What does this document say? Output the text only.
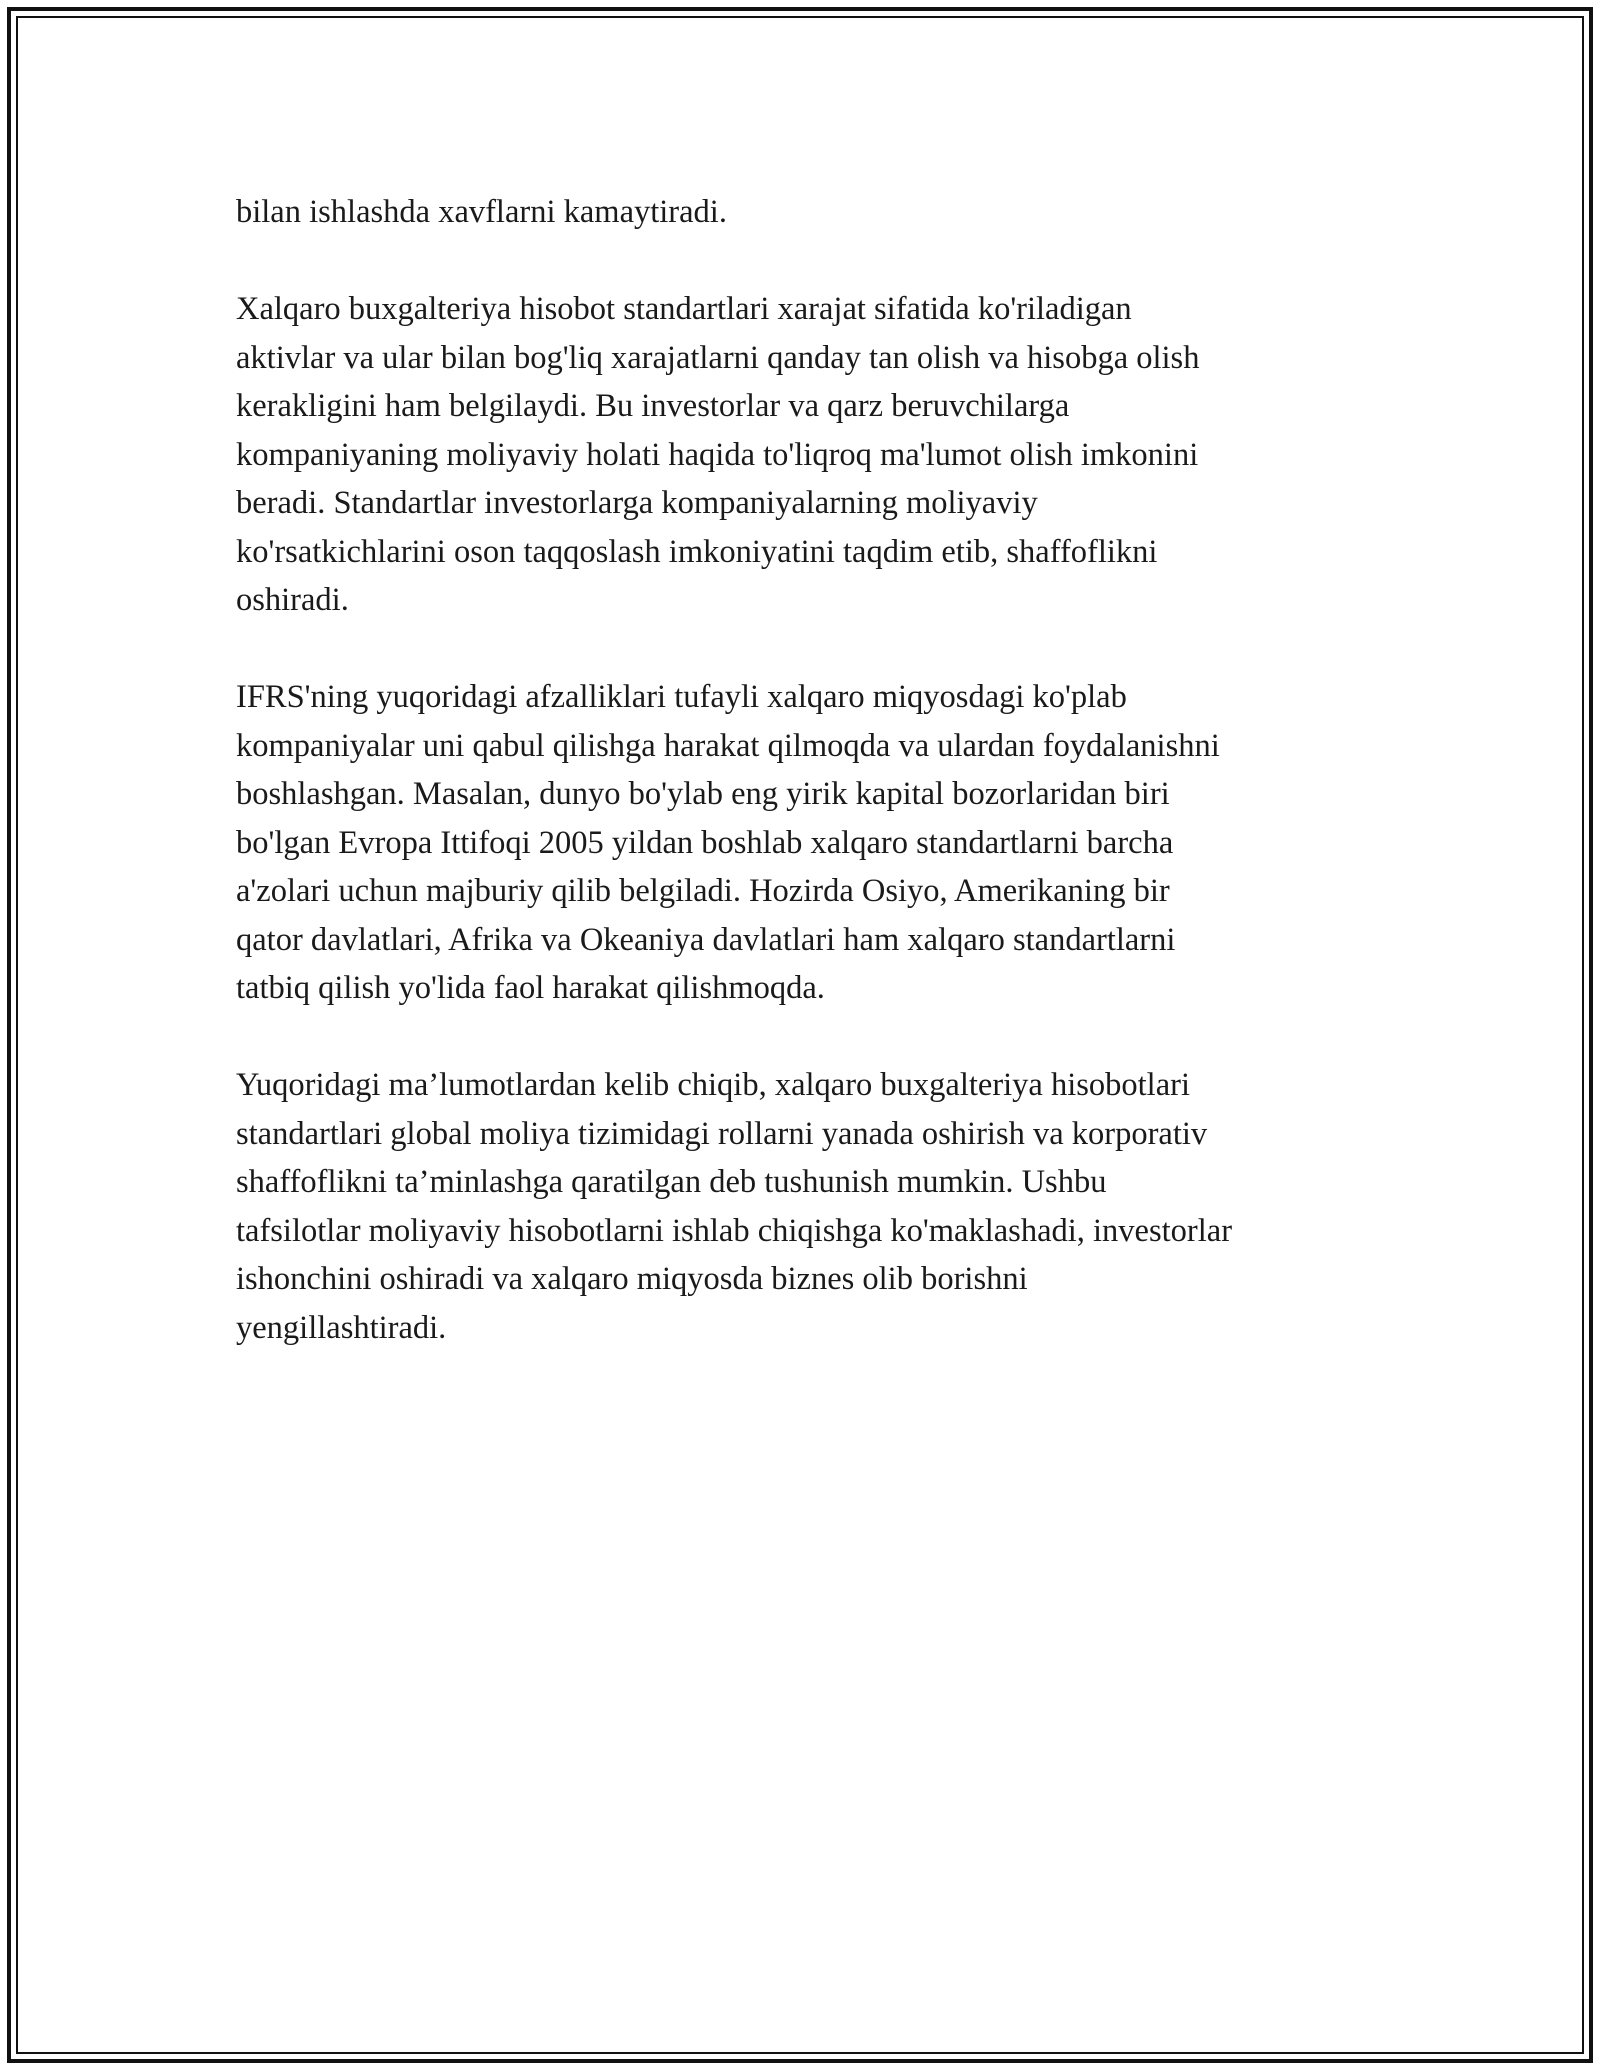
bilan ishlashda xavflarni kamaytiradi.

Xalqaro buxgalteriya hisobot standartlari xarajat sifatida ko'riladigan
aktivlar va ular bilan bog'liq xarajatlarni qanday tan olish va hisobga olish
kerakligini ham belgilaydi. Bu investorlar va qarz beruvchilarga
kompaniyaning moliyaviy holati haqida to'liqroq ma'lumot olish imkonini
beradi. Standartlar investorlarga kompaniyalarning moliyaviy
ko'rsatkichlarini oson taqqoslash imkoniyatini taqdim etib, shaffoflikni
oshiradi.

IFRS'ning yuqoridagi afzalliklari tufayli xalqaro miqyosdagi ko'plab
kompaniyalar uni qabul qilishga harakat qilmoqda va ulardan foydalanishni
boshlashgan. Masalan, dunyo bo'ylab eng yirik kapital bozorlaridan biri
bo'lgan Evropa Ittifoqi 2005 yildan boshlab xalqaro standartlarni barcha
a'zolari uchun majburiy qilib belgiladi. Hozirda Osiyo, Amerikaning bir
qator davlatlari, Afrika va Okeaniya davlatlari ham xalqaro standartlarni
tatbiq qilish yo'lida faol harakat qilishmoqda.

Yuqoridagi ma’lumotlardan kelib chiqib, xalqaro buxgalteriya hisobotlari
standartlari global moliya tizimidagi rollarni yanada oshirish va korporativ
shaffoflikni ta’minlashga qaratilgan deb tushunish mumkin. Ushbu
tafsilotlar moliyaviy hisobotlarni ishlab chiqishga ko'maklashadi, investorlar
ishonchini oshiradi va xalqaro miqyosda biznes olib borishni
yengillashtiradi.
